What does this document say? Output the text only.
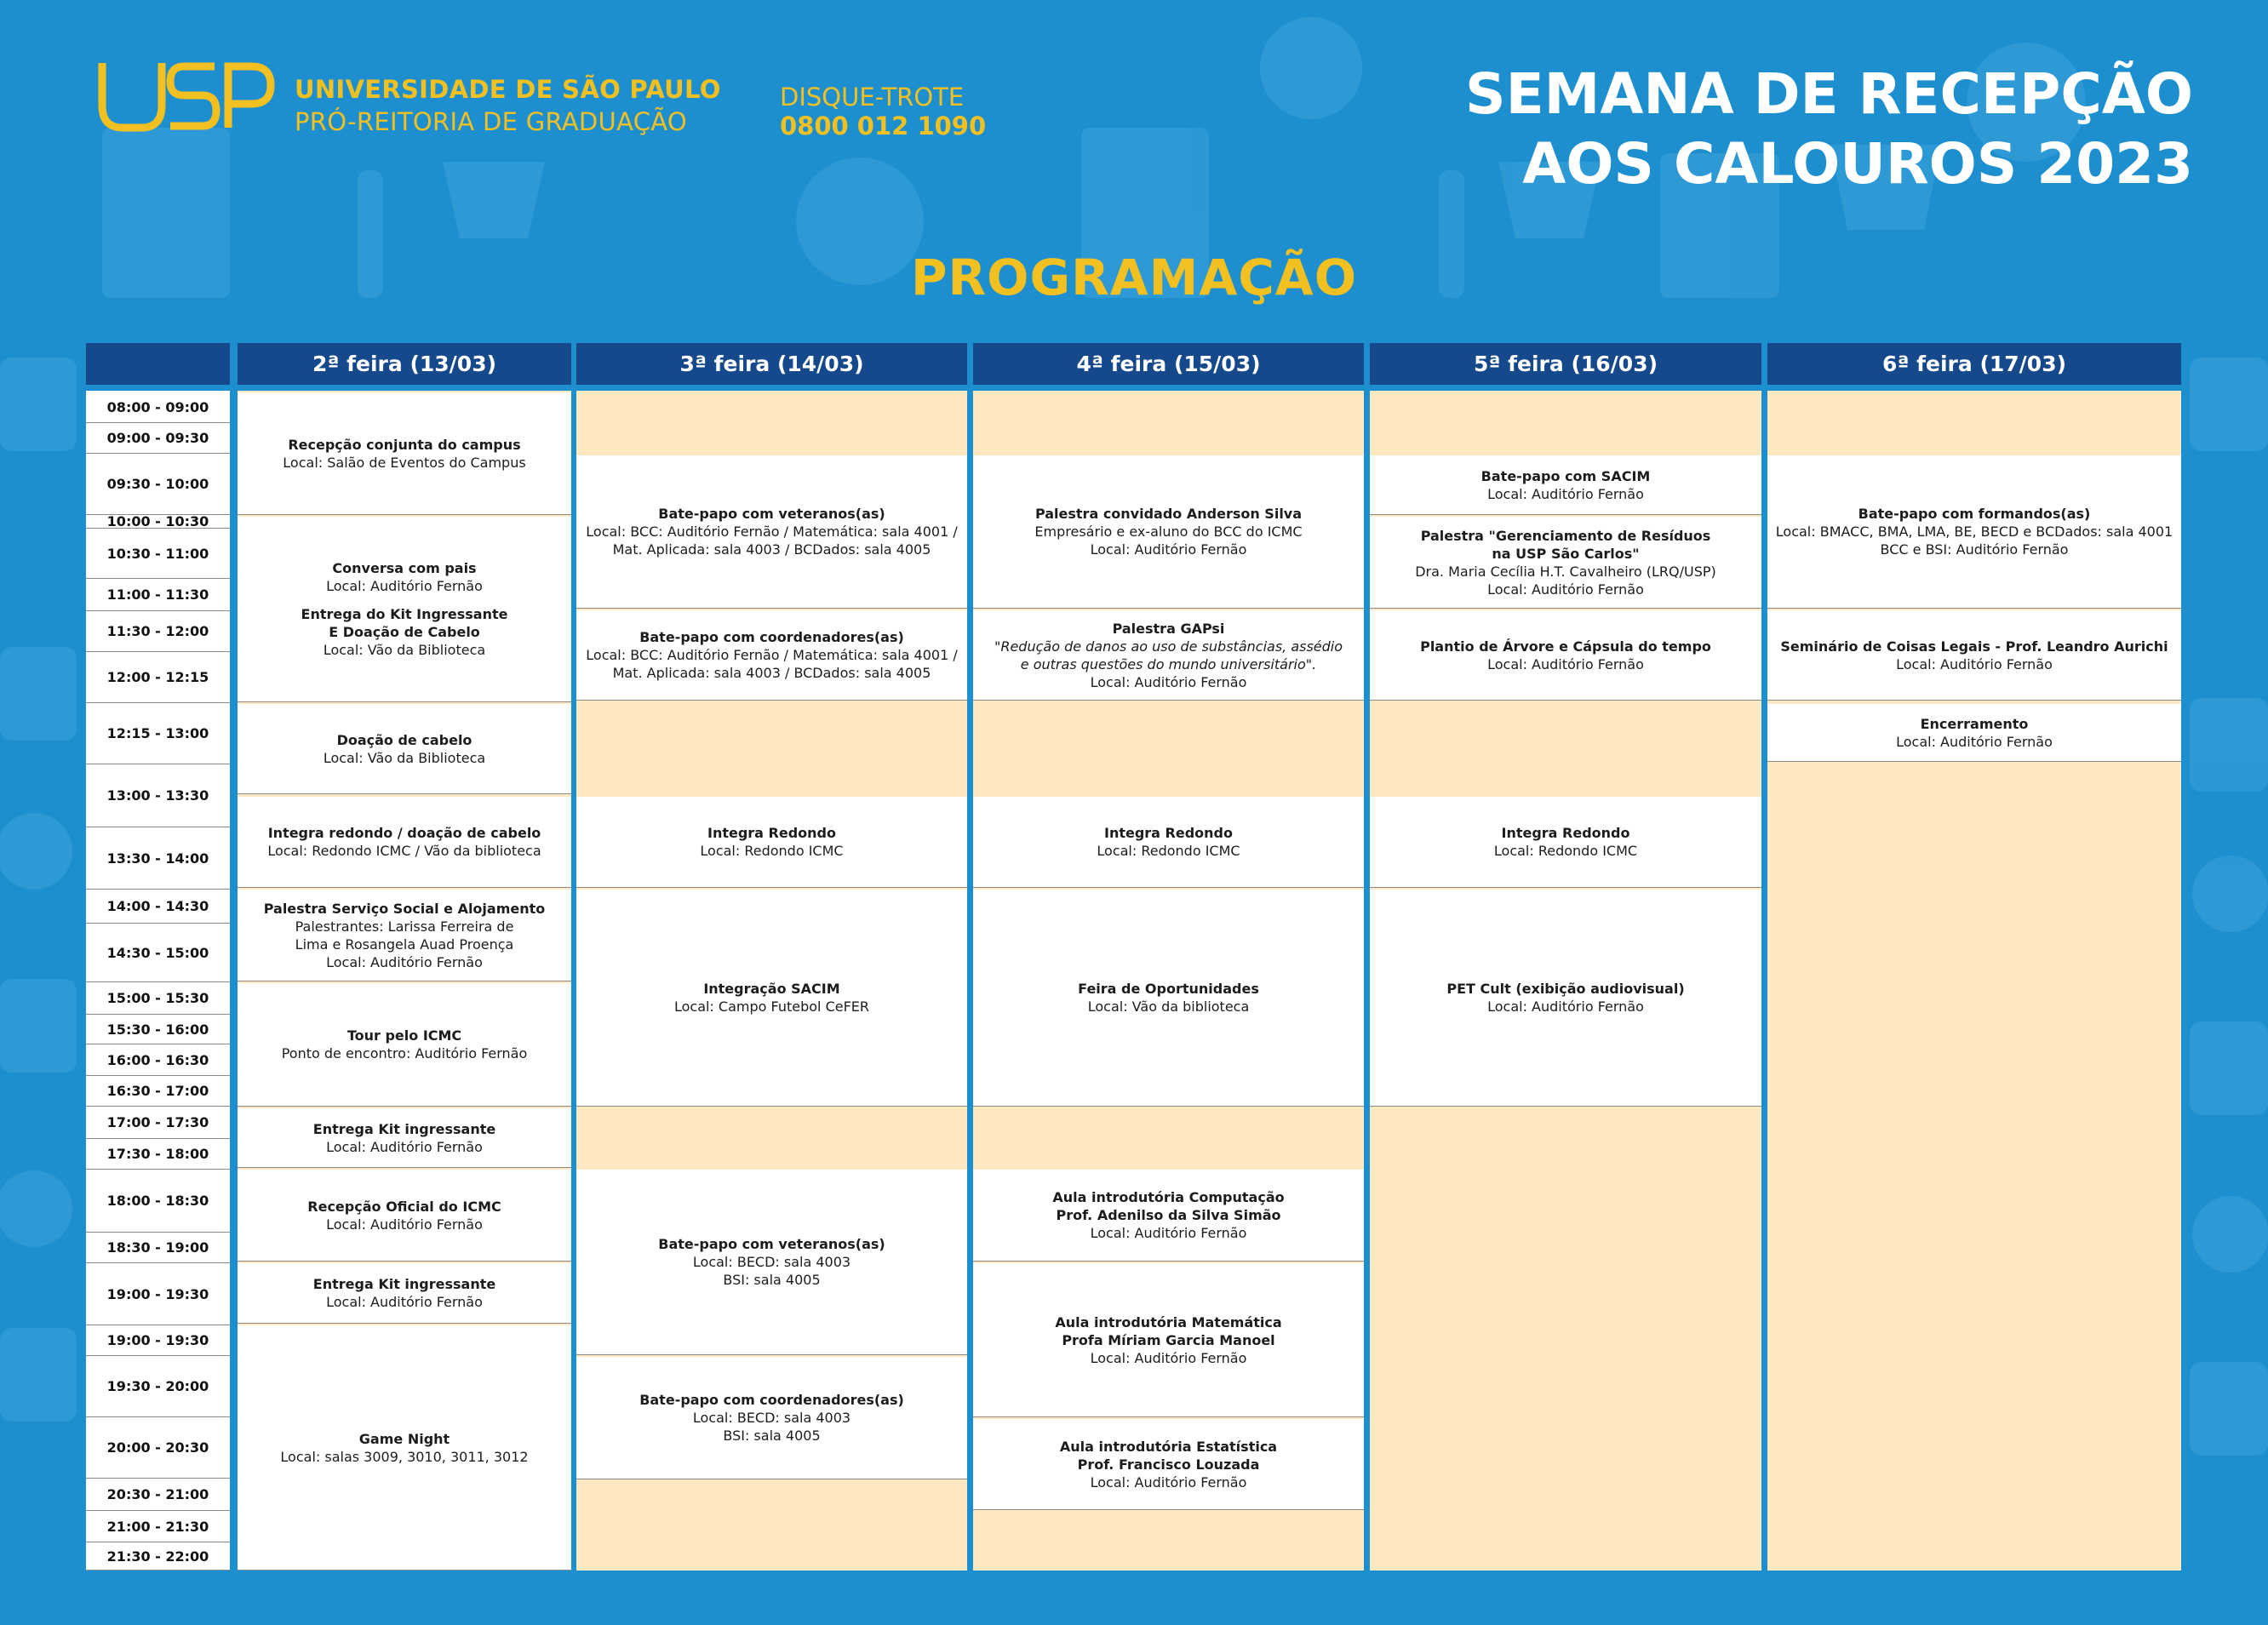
UNIVERSIDADE DE SÃO PAULO
PRÓ-REITORIA DE GRADUAÇÃO
DISQUE-TROTE
0800 012 1090	SEMANA DE RECEPÇÃO
AOS CALOUROS 2023
PROGRAMAÇÃO
08:00 - 09:00
09:00 - 09:30
09:30 - 10:00
10:00 - 10:30
10:30 - 11:00
11:00 - 11:30
11:30 - 12:00
12:00 - 12:15
12:15 - 13:00
13:00 - 13:30
13:30 - 14:00
14:00 - 14:30
14:30 - 15:00
15:00 - 15:30
15:30 - 16:00
16:00 - 16:30
16:30 - 17:00
17:00 - 17:30
17:30 - 18:00
18:00 - 18:30
18:30 - 19:00
19:00 - 19:30
19:00 - 19:30
19:30 - 20:00
20:00 - 20:30
20:30 - 21:00
21:00 - 21:30
21:30 - 22:00
2ª feira (13/03)
Recepção conjunta do campus
Local: Salão de Eventos do Campus
Conversa com pais
Local: Auditório Fernão
Entrega do Kit Ingressante
E Doação de Cabelo
Local: Vão da Biblioteca
Doação de cabelo
Local: Vão da Biblioteca
Integra redondo / doação de cabelo
Local: Redondo ICMC / Vão da biblioteca
Palestra Serviço Social e Alojamento
Palestrantes: Larissa Ferreira de
Lima e Rosangela Auad Proença
Local: Auditório Fernão
Tour pelo ICMC
Ponto de encontro: Auditório Fernão
Entrega Kit ingressante
Local: Auditório Fernão
Recepção Oficial do ICMC
Local: Auditório Fernão
Entrega Kit ingressante
Local: Auditório Fernão
Game Night
Local: salas 3009, 3010, 3011, 3012
3ª feira (14/03)
Bate-papo com veteranos(as)
Local: BCC: Auditório Fernão / Matemática: sala 4001 /
Mat. Aplicada: sala 4003 / BCDados: sala 4005
Bate-papo com coordenadores(as)
Local: BCC: Auditório Fernão / Matemática: sala 4001 /
Mat. Aplicada: sala 4003 / BCDados: sala 4005
Integra Redondo
Local: Redondo ICMC
Integração SACIM
Local: Campo Futebol CeFER
Bate-papo com veteranos(as)
Local: BECD: sala 4003
BSI: sala 4005
Bate-papo com coordenadores(as)
Local: BECD: sala 4003
BSI: sala 4005
4ª feira (15/03)
Palestra convidado Anderson Silva
Empresário e ex-aluno do BCC do ICMC
Local: Auditório Fernão
Palestra GAPsi
"Redução de danos ao uso de substâncias, assédio
e outras questões do mundo universitário".
Local: Auditório Fernão
Integra Redondo
Local: Redondo ICMC
Feira de Oportunidades
Local: Vão da biblioteca
Aula introdutória Computação
Prof. Adenilso da Silva Simão
Local: Auditório Fernão
Aula introdutória Matemática
Profa Míriam Garcia Manoel
Local: Auditório Fernão
Aula introdutória Estatística
Prof. Francisco Louzada
Local: Auditório Fernão
5ª feira (16/03)
Bate-papo com SACIM
Local: Auditório Fernão
Palestra "Gerenciamento de Resíduos
na USP São Carlos"
Dra. Maria Cecília H.T. Cavalheiro (LRQ/USP)
Local: Auditório Fernão
Plantio de Árvore e Cápsula do tempo
Local: Auditório Fernão
Integra Redondo
Local: Redondo ICMC
PET Cult (exibição audiovisual)
Local: Auditório Fernão
6ª feira (17/03)
Bate-papo com formandos(as)
Local: BMACC, BMA, LMA, BE, BECD e BCDados: sala 4001
BCC e BSI: Auditório Fernão
Seminário de Coisas Legais - Prof. Leandro Aurichi
Local: Auditório Fernão
Encerramento
Local: Auditório Fernão
